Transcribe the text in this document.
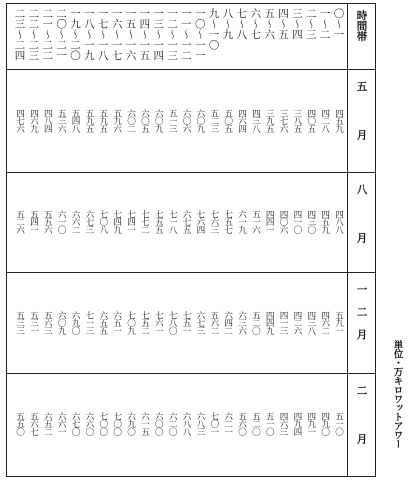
時間帯
〇〜一
一〜二
二〜三
三〜四
四〜五
五〜六
六〜七
七〜八
八〜九
九〜一〇
一〇〜一一
一一〜一二
一二〜一三
一三〜一四
一四〜一五
一五〜一六
一六〜一七
一七〜一八
一八〜一九
一九〜二〇
二〇〜二一
二一〜二二
二二〜二三
二三〜二四
五月
四五九
四二八
四〇五
三八五
三七六
三九五
四三八
四六四
五〇五
五二三
六〇九
六〇六
五一三
六〇九
六〇五
六〇二
五九六
五九五
五九五
五四八
五三六
四八四
四六九
四七六
八月
四八八
四五九
四三〇
四一〇
四〇六
四四一
五一六
六一九
七五七
七六三
七六四
六七五
七一八
七五五
七七二
七四一
七四九
七〇八
六七三
六六二
六一〇
五五六
五四一
五二六
一二月
五九一
四六二
四三八
四二六
四一三
四四九
五二〇
六三六
六四二
五六二
六七三
七五一
七八〇
七六一
七五二
七〇九
六五一
六五五
七一三
六九〇
六〇九
五六三
五三一
五三三
二月
五一〇
四九〇
四九一
四九四
四六三
五一〇
五二〇
五六〇
六二一
七〇一
六八三
六八八
六二〇
六〇〇
六一五
六九〇
七〇〇
七〇〇
六六〇
六七〇
六六一
六五二
五六七
五五〇	単位・万キロワットアワー
